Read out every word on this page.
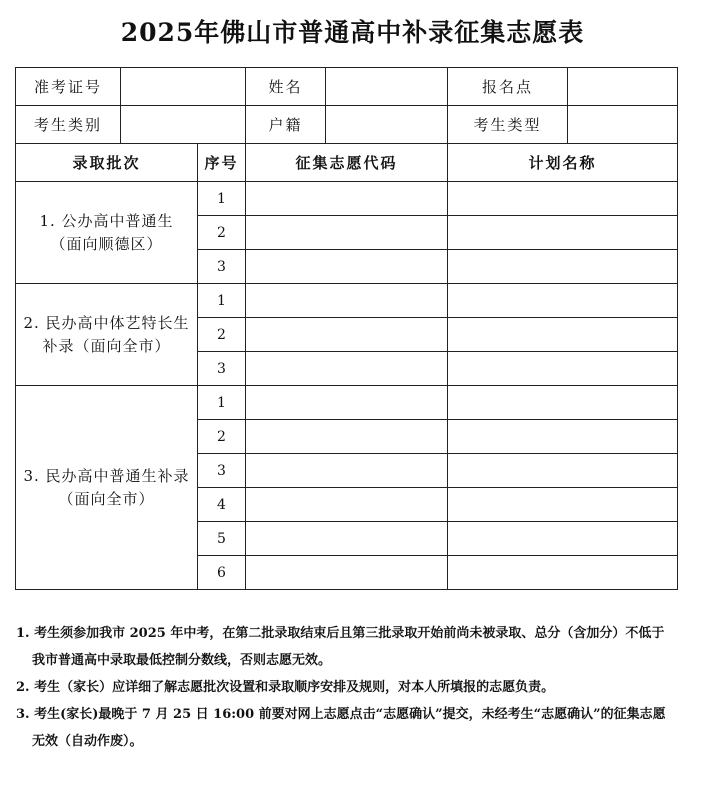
2025年佛山市普通高中补录征集志愿表
准考证号			姓名		报名点	
考生类别			户籍		考生类型	
录取批次		序号	征集志愿代码		计划名称	

1. 公办高中普通生
（面向顺德区）		1				
		2				
		3				

2. 民办高中体艺特长生
补录（面向全市）		1				
		2				
		3				

3. 民办高中普通生补录
（面向全市）		1				
		2				
		3				
		4				
		5				
		6				

1. 考生须参加我市 2025 年中考，在第二批录取结束后且第三批录取开始前尚未被录取、总分（含加分）不低于我市普通高中录取最低控制分数线，否则志愿无效。

2. 考生（家长）应详细了解志愿批次设置和录取顺序安排及规则，对本人所填报的志愿负责。

3. 考生(家长)最晚于 7 月 25 日 16:00 前要对网上志愿点击“志愿确认”提交，未经考生“志愿确认”的征集志愿无效（自动作废）。
